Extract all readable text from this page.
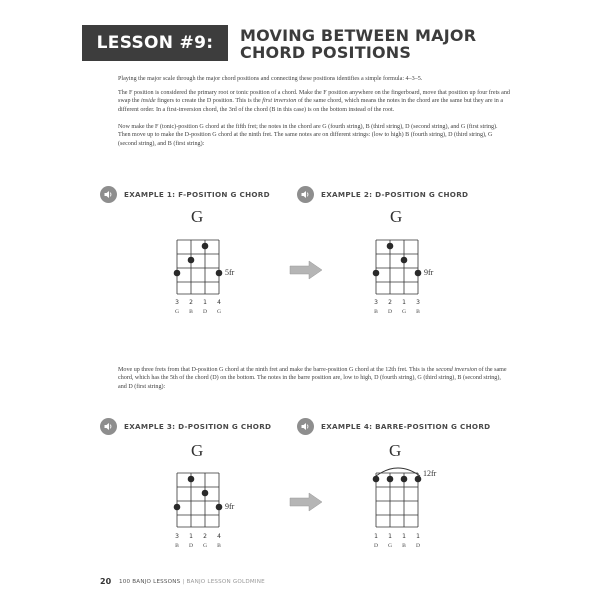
LESSON #9: MOVING BETWEEN MAJOR
CHORD POSITIONS

Playing the major scale through the major chord positions and connecting these positions identifies a simple formula: 4–3–5.

The F position is considered the primary root or tonic position of a chord. Make the F position anywhere on the fingerboard, move that position up four frets and swap the inside fingers to create the D position. This is the first inversion of the same chord, which means the notes in the chord are the same but they are in a different order. In a first-inversion chord, the 3rd of the chord (B in this case) is on the bottom instead of the root.

Now make the F (tonic)-position G chord at the fifth fret; the notes in the chord are G (fourth string), B (third string), D (second string), and G (first string). Then move up to make the D-position G chord at the ninth fret. The same notes are on different strings: (low to high) B (fourth string), D (third string), G (second string), and B (first string):

EXAMPLE 1: F-POSITION G CHORD	EXAMPLE 2: D-POSITION G CHORD
G
5fr
3	2	1	4
G	B	D	G
G
9fr
3	2	1	3
B	D	G	B

Move up three frets from that D-position G chord at the ninth fret and make the barre-position G chord at the 12th fret. This is the second inversion of the same chord, which has the 5th of the chord (D) on the bottom. The notes in the barre position are, low to high, D (fourth string), G (third string), B (second string), and D (first string):

EXAMPLE 3: D-POSITION G CHORD	EXAMPLE 4: BARRE-POSITION G CHORD
G
9fr
3	1	2	4
B	D	G	B
G
12fr
1	1	1	1
D	G	B	D
20 100 BANJO LESSONS | BANJO LESSON GOLDMINE
